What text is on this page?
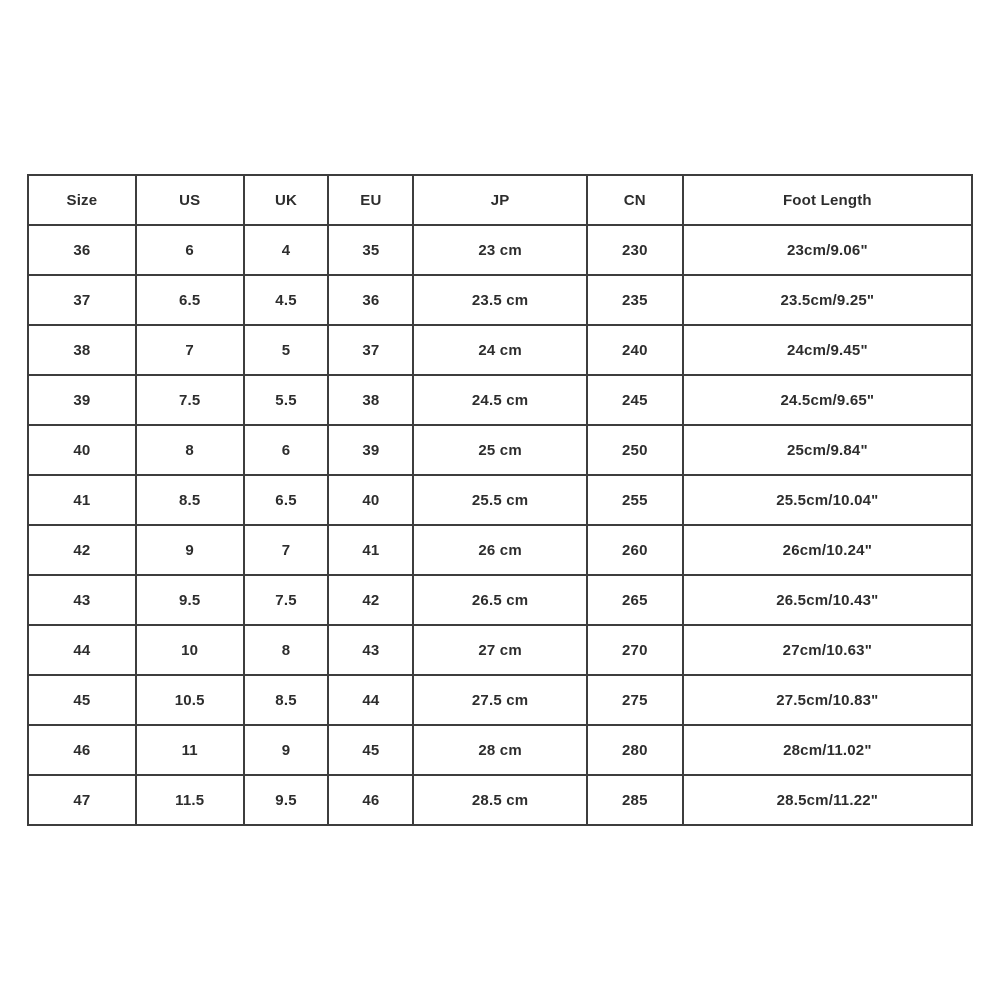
Size	US	UK	EU	JP	CN	Foot Length
36	6	4	35	23 cm	230	23cm/9.06"
37	6.5	4.5	36	23.5 cm	235	23.5cm/9.25"
38	7	5	37	24 cm	240	24cm/9.45"
39	7.5	5.5	38	24.5 cm	245	24.5cm/9.65"
40	8	6	39	25 cm	250	25cm/9.84"
41	8.5	6.5	40	25.5 cm	255	25.5cm/10.04"
42	9	7	41	26 cm	260	26cm/10.24"
43	9.5	7.5	42	26.5 cm	265	26.5cm/10.43"
44	10	8	43	27 cm	270	27cm/10.63"
45	10.5	8.5	44	27.5 cm	275	27.5cm/10.83"
46	11	9	45	28 cm	280	28cm/11.02"
47	11.5	9.5	46	28.5 cm	285	28.5cm/11.22"
